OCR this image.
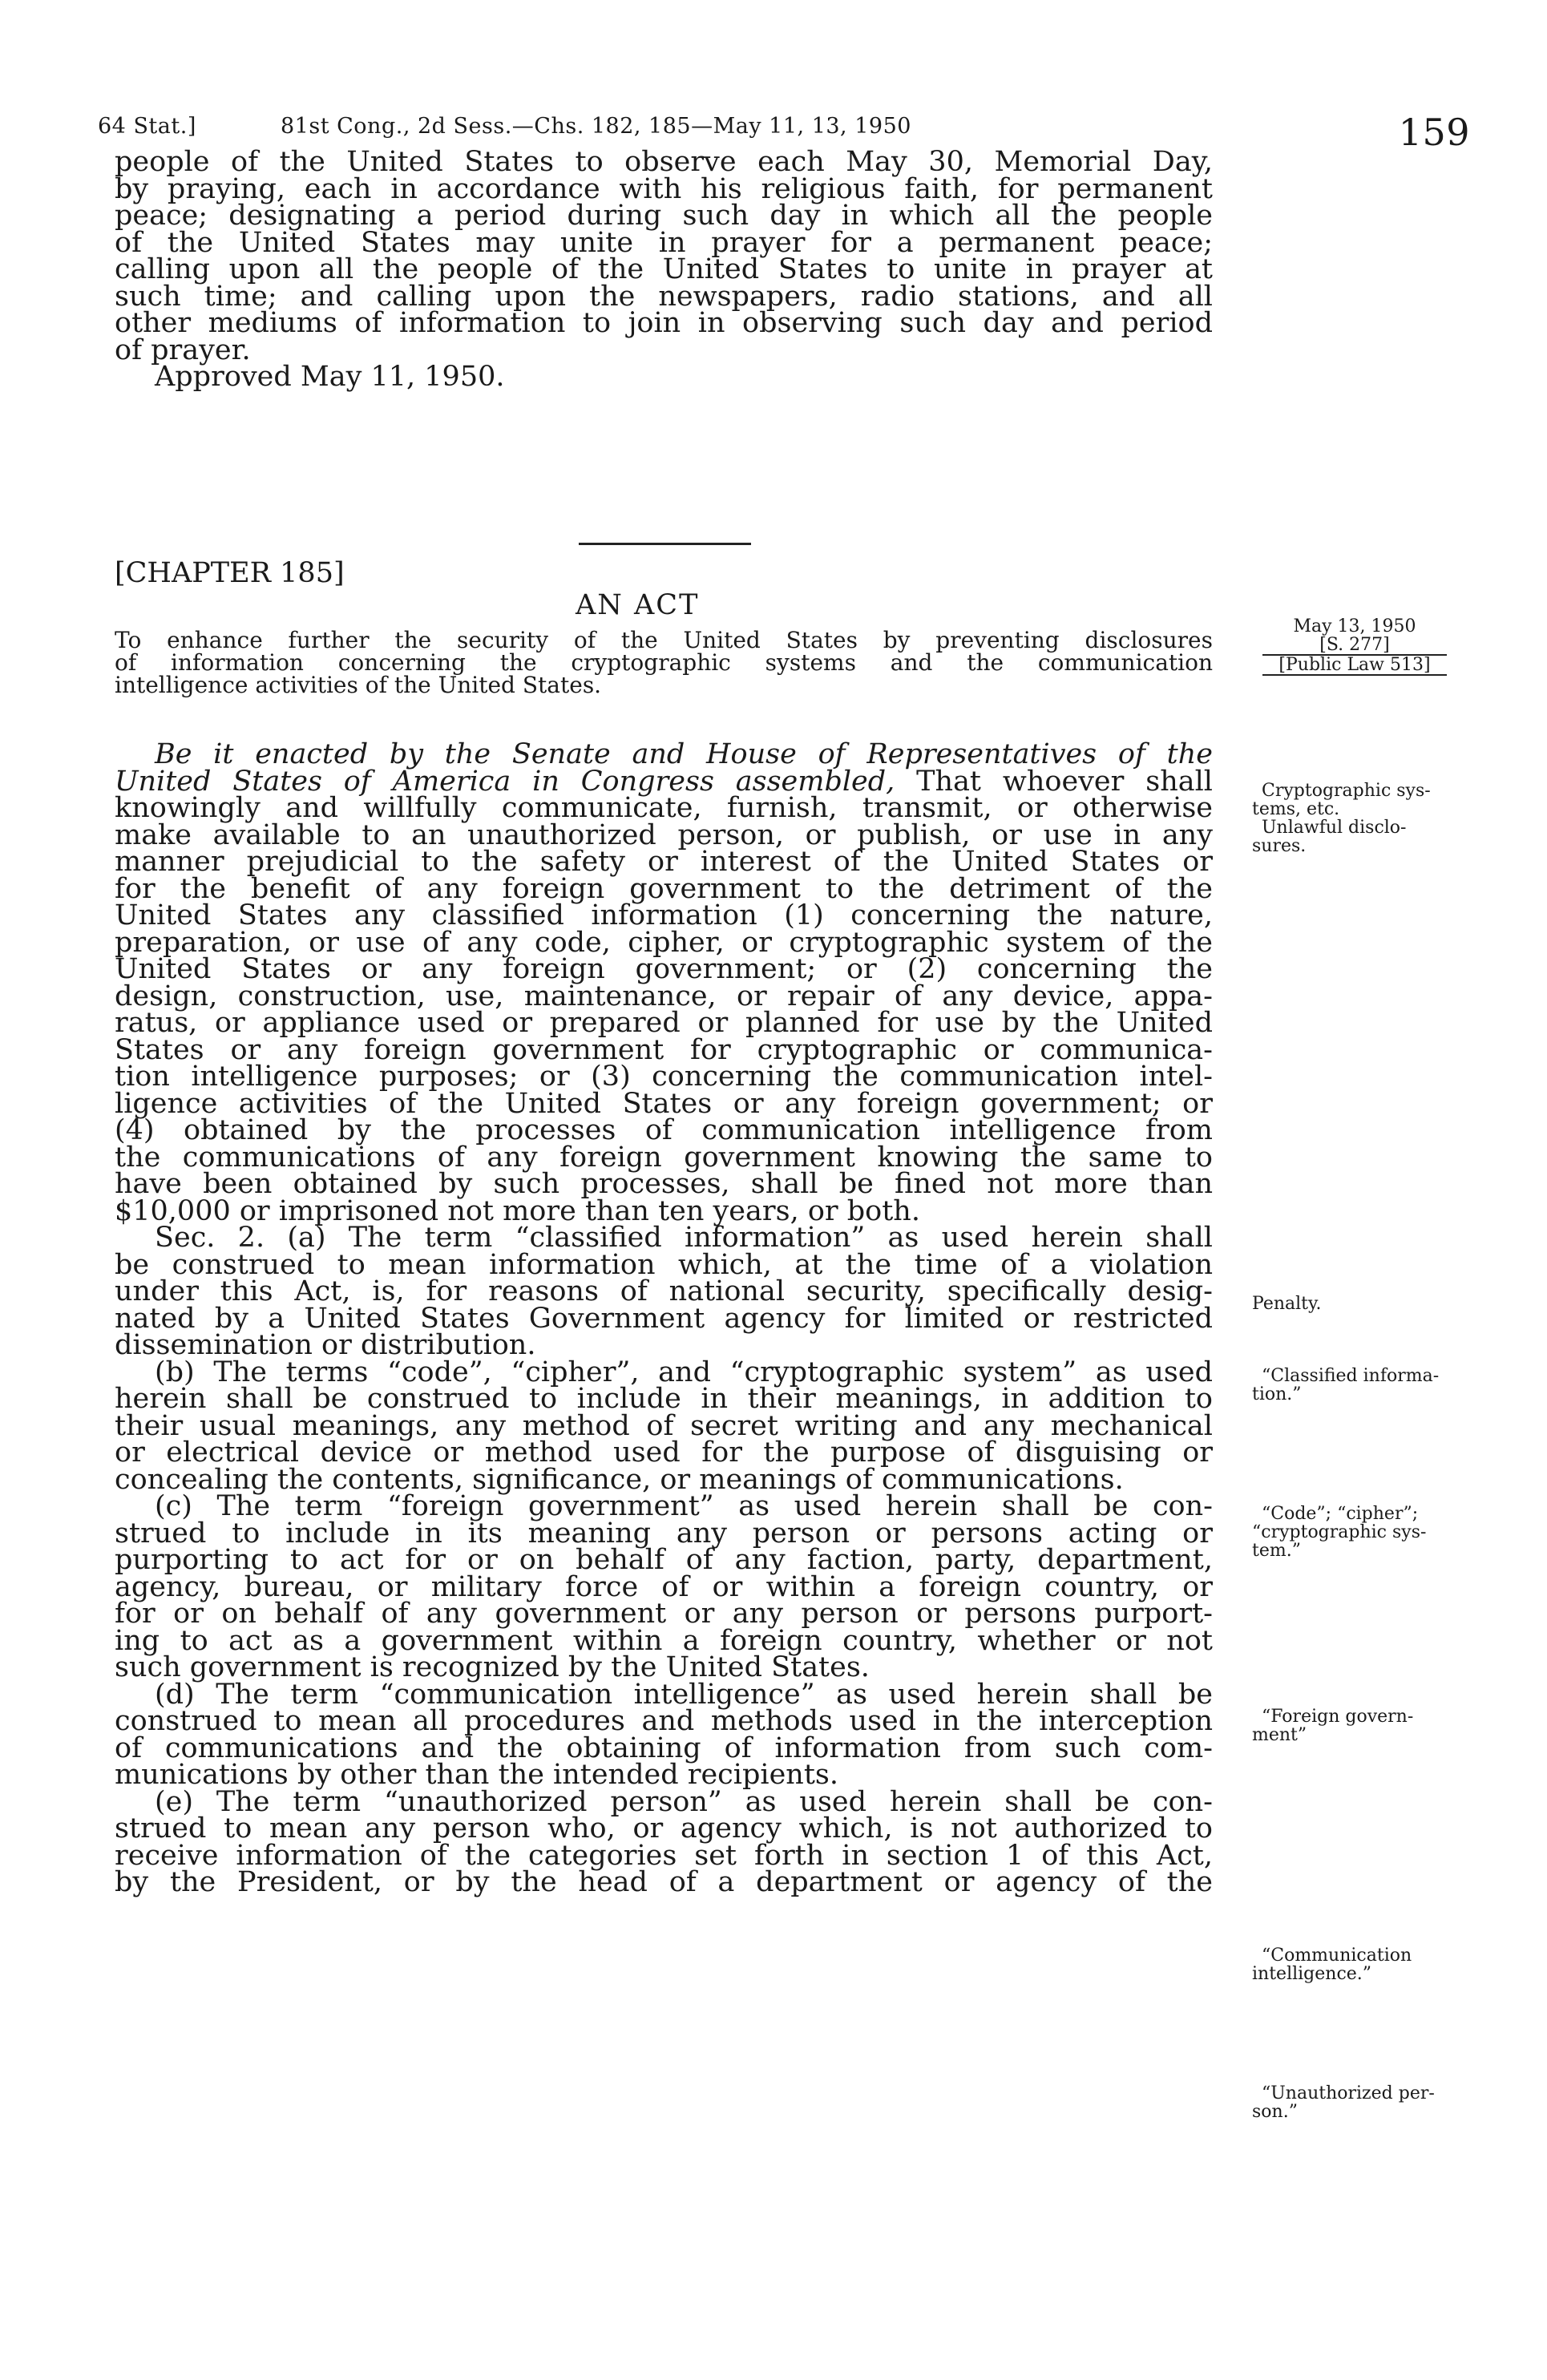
64 Stat.]	81st Cong., 2d Sess.—Chs. 182, 185—May 11, 13, 1950	159
people of the United States to observe each May 30, Memorial Day,
by praying, each in accordance with his religious faith, for permanent
peace; designating a period during such day in which all the people
of the United States may unite in prayer for a permanent peace;
calling upon all the people of the United States to unite in prayer at
such time; and calling upon the newspapers, radio stations, and all
other mediums of information to join in observing such day and period
of prayer.
Approved May 11, 1950.
[CHAPTER 185]
AN ACT
To enhance further the security of the United States by preventing disclosures
of information concerning the cryptographic systems and the communication
intelligence activities of the United States.
Be it enacted by the Senate and House of Representatives of the
United States of America in Congress assembled, That whoever shall
knowingly and willfully communicate, furnish, transmit, or otherwise
make available to an unauthorized person, or publish, or use in any
manner prejudicial to the safety or interest of the United States or
for the benefit of any foreign government to the detriment of the
United States any classified information (1) concerning the nature,
preparation, or use of any code, cipher, or cryptographic system of the
United States or any foreign government; or (2) concerning the
design, construction, use, maintenance, or repair of any device, appa-
ratus, or appliance used or prepared or planned for use by the United
States or any foreign government for cryptographic or communica-
tion intelligence purposes; or (3) concerning the communication intel-
ligence activities of the United States or any foreign government; or
(4) obtained by the processes of communication intelligence from
the communications of any foreign government knowing the same to
have been obtained by such processes, shall be fined not more than
$10,000 or imprisoned not more than ten years, or both.
Sec. 2. (a) The term “classified information” as used herein shall
be construed to mean information which, at the time of a violation
under this Act, is, for reasons of national security, specifically desig-
nated by a United States Government agency for limited or restricted
dissemination or distribution.
(b) The terms “code”, “cipher”, and “cryptographic system” as used
herein shall be construed to include in their meanings, in addition to
their usual meanings, any method of secret writing and any mechanical
or electrical device or method used for the purpose of disguising or
concealing the contents, significance, or meanings of communications.
(c) The term “foreign government” as used herein shall be con-
strued to include in its meaning any person or persons acting or
purporting to act for or on behalf of any faction, party, department,
agency, bureau, or military force of or within a foreign country, or
for or on behalf of any government or any person or persons purport-
ing to act as a government within a foreign country, whether or not
such government is recognized by the United States.
(d) The term “communication intelligence” as used herein shall be
construed to mean all procedures and methods used in the interception
of communications and the obtaining of information from such com-
munications by other than the intended recipients.
(e) The term “unauthorized person” as used herein shall be con-
strued to mean any person who, or agency which, is not authorized to
receive information of the categories set forth in section 1 of this Act,
by the President, or by the head of a department or agency of the
May 13, 1950
[S. 277]
[Public Law 513]
Cryptographic sys-
tems, etc.
Unlawful disclo-
sures.
Penalty.
“Classified informa-
tion.”
“Code”; “cipher”;
“cryptographic sys-
tem.”
“Foreign govern-
ment”
“Communication
intelligence.”
“Unauthorized per-
son.”
